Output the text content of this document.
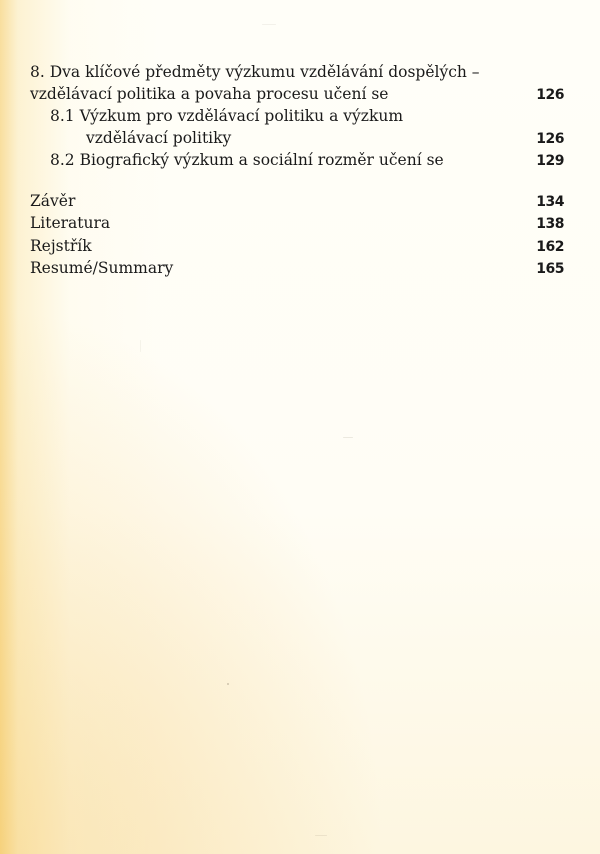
8. Dva klíčové předměty výzkumu vzdělávání dospělých –
vzdělávací politika a povaha procesu učení se	126
8.1 Výzkum pro vzdělávací politiku a výzkum
vzdělávací politiky	126
8.2 Biografický výzkum a sociální rozměr učení se	129
Závěr	134
Literatura	138
Rejstřík	162
Resumé/Summary	165
